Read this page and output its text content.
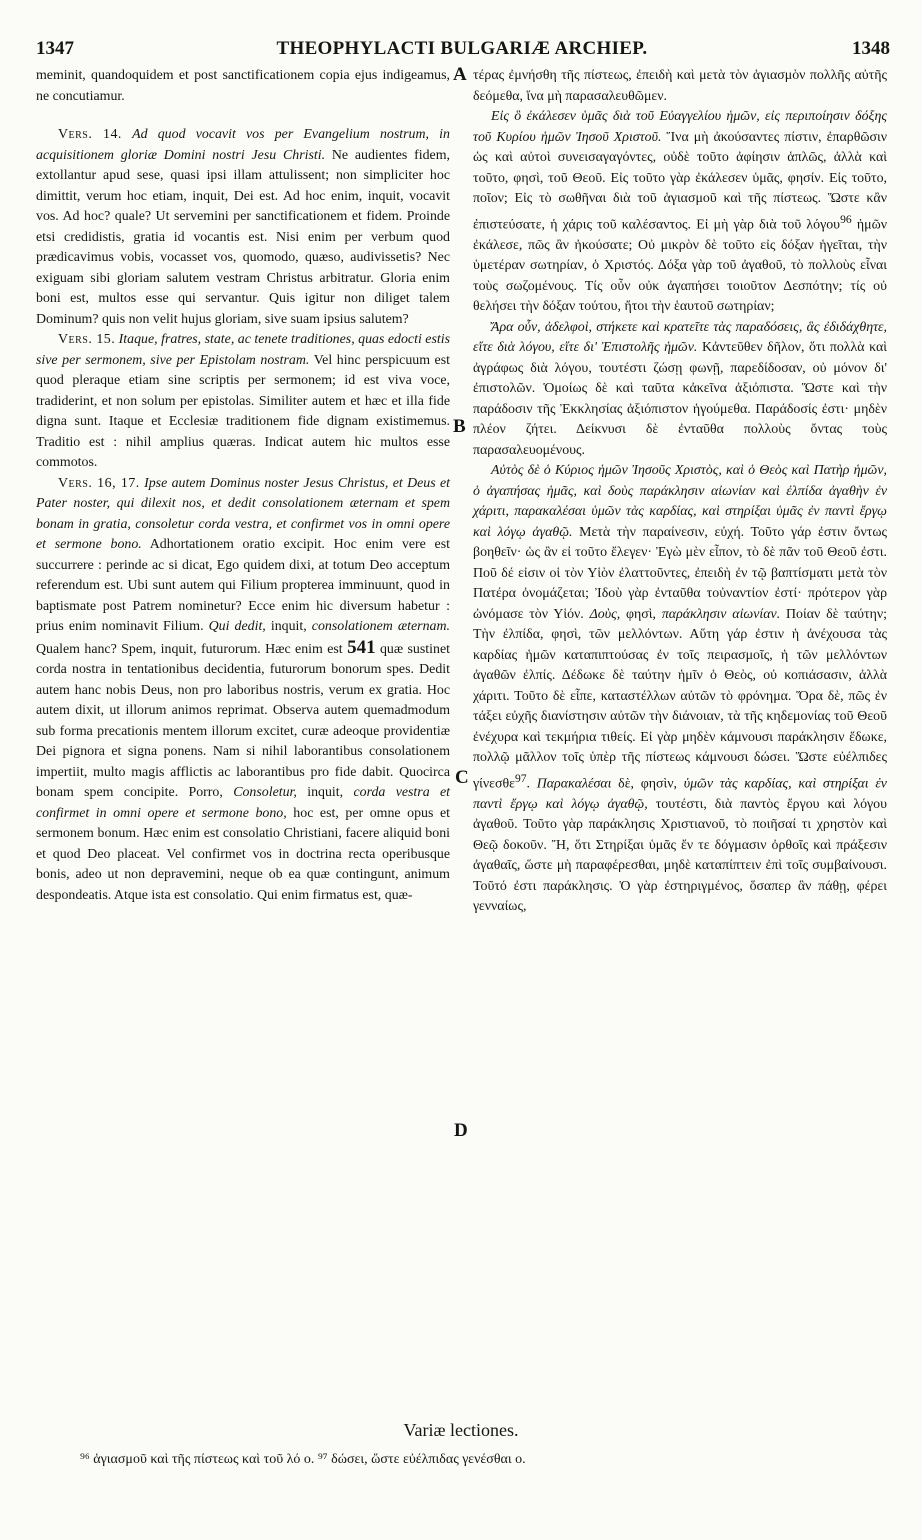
1347	THEOPHYLACTI BULGARIÆ ARCHIEP.	1348
A
B
C
D

meminit, quandoquidem et post sanctificationem copia ejus indigeamus, ne concutiamur.

Vers. 14. Ad quod vocavit vos per Evangelium nostrum, in acquisitionem gloriæ Domini nostri Jesu Christi. Ne audientes fidem, extollantur apud sese, quasi ipsi illam attulissent; non simpliciter hoc dimittit, verum hoc etiam, inquit, Dei est. Ad hoc enim, inquit, vocavit vos. Ad hoc? quale? Ut servemini per sanctificationem et fidem. Proinde etsi credidistis, gratia id vocantis est. Nisi enim per verbum quod prædicavimus vobis, vocasset vos, quomodo, quæso, audivissetis? Nec exiguam sibi gloriam salutem vestram Christus arbitratur. Gloria enim boni est, multos esse qui servantur. Quis igitur non diliget talem Dominum? quis non velit hujus gloriam, sive suam ipsius salutem?

Vers. 15. Itaque, fratres, state, ac tenete traditiones, quas edocti estis sive per sermonem, sive per Epistolam nostram. Vel hinc perspicuum est quod pleraque etiam sine scriptis per sermonem; id est viva voce, tradiderint, et non solum per epistolas. Similiter autem et hæc et illa fide digna sunt. Itaque et Ecclesiæ traditionem fide dignam existimemus. Traditio est : nihil amplius quæras. Indicat autem hic multos esse commotos.

Vers. 16, 17. Ipse autem Dominus noster Jesus Christus, et Deus et Pater noster, qui dilexit nos, et dedit consolationem æternam et spem bonam in gratia, consoletur corda vestra, et confirmet vos in omni opere et sermone bono. Adhortationem oratio excipit. Hoc enim vere est succurrere : perinde ac si dicat, Ego quidem dixi, at totum Deo acceptum referendum est. Ubi sunt autem qui Filium propterea imminuunt, quod in baptismate post Patrem nominetur? Ecce enim hic diversum habetur : prius enim nominavit Filium. Qui dedit, inquit, consolationem æternam. Qualem hanc? Spem, inquit, futurorum. Hæc enim est 541 quæ sustinet corda nostra in tentationibus decidentia, futurorum bonorum spes. Dedit autem hanc nobis Deus, non pro laboribus nostris, verum ex gratia. Hoc autem dixit, ut illorum animos reprimat. Observa autem quemadmodum sub forma precationis mentem illorum excitet, curæ adeoque providentiæ Dei pignora et signa ponens. Nam si nihil laborantibus consolationem impertiit, multo magis afflictis ac laborantibus pro fide dabit. Quocirca bonam spem concipite. Porro, Consoletur, inquit, corda vestra et confirmet in omni opere et sermone bono, hoc est, per omne opus et sermonem bonum. Hæc enim est consolatio Christiani, facere aliquid boni et quod Deo placeat. Vel confirmet vos in doctrina recta operibusque bonis, adeo ut non depravemini, neque ob ea quæ contingunt, animum despondeatis. Atque ista est consolatio. Qui enim firmatus est, quæ-

τέρας ἐμνήσθη τῆς πίστεως, ἐπειδὴ καὶ μετὰ τὸν ἁγιασμὸν πολλῆς αὐτῆς δεόμεθα, ἵνα μὴ παρασαλευθῶμεν.

Εἰς ὃ ἐκάλεσεν ὑμᾶς διὰ τοῦ Εὐαγγελίου ἡμῶν, εἰς περιποίησιν δόξης τοῦ Κυρίου ἡμῶν Ἰησοῦ Χριστοῦ. Ἵνα μὴ ἀκούσαντες πίστιν, ἐπαρθῶσιν ὡς καὶ αὐτοὶ συνεισαγαγόντες, οὐδὲ τοῦτο ἀφίησιν ἁπλῶς, ἀλλὰ καὶ τοῦτο, φησὶ, τοῦ Θεοῦ. Εἰς τοῦτο γὰρ ἐκάλεσεν ὑμᾶς, φησίν. Εἰς τοῦτο, ποῖον; Εἰς τὸ σωθῆναι διὰ τοῦ ἁγιασμοῦ καὶ τῆς πίστεως. Ὥστε κἂν ἐπιστεύσατε, ἡ χάρις τοῦ καλέσαντος. Εἰ μὴ γὰρ διὰ τοῦ λόγου$^{96}$ ἡμῶν ἐκάλεσε, πῶς ἂν ἠκούσατε; Οὐ μικρὸν δὲ τοῦτο εἰς δόξαν ἡγεῖται, τὴν ὑμετέραν σωτηρίαν, ὁ Χριστός. Δόξα γὰρ τοῦ ἀγαθοῦ, τὸ πολλοὺς εἶναι τοὺς σωζομένους. Τίς οὖν οὐκ ἀγαπήσει τοιοῦτον Δεσπότην; τίς οὐ θελήσει τὴν δόξαν τούτου, ἤτοι τὴν ἑαυτοῦ σωτηρίαν;

Ἄρα οὖν, ἀδελφοὶ, στήκετε καὶ κρατεῖτε τὰς παραδόσεις, ἃς ἐδιδάχθητε, εἴτε διὰ λόγου, εἴτε δι' Ἐπιστολῆς ἡμῶν. Κἀντεῦθεν δῆλον, ὅτι πολλὰ καὶ ἀγράφως διὰ λόγου, τουτέστι ζώσῃ φωνῇ, παρεδίδοσαν, οὐ μόνον δι' ἐπιστολῶν. Ὁμοίως δὲ καὶ ταῦτα κἀκεῖνα ἀξιόπιστα. Ὥστε καὶ τὴν παράδοσιν τῆς Ἐκκλησίας ἀξιόπιστον ἡγούμεθα. Παράδοσίς ἐστι· μηδὲν πλέον ζήτει. Δείκνυσι δὲ ἐνταῦθα πολλοὺς ὄντας τοὺς παρασαλευομένους.

Αὐτὸς δὲ ὁ Κύριος ἡμῶν Ἰησοῦς Χριστὸς, καὶ ὁ Θεὸς καὶ Πατὴρ ἡμῶν, ὁ ἀγαπήσας ἡμᾶς, καὶ δοὺς παράκλησιν αἰωνίαν καὶ ἐλπίδα ἀγαθὴν ἐν χάριτι, παρακαλέσαι ὑμῶν τὰς καρδίας, καὶ στηρίξαι ὑμᾶς ἐν παντὶ ἔργῳ καὶ λόγῳ ἀγαθῷ. Μετὰ τὴν παραίνεσιν, εὐχή. Τοῦτο γάρ ἐστιν ὄντως βοηθεῖν· ὡς ἂν εἰ τοῦτο ἔλεγεν· Ἐγὼ μὲν εἶπον, τὸ δὲ πᾶν τοῦ Θεοῦ ἐστι. Ποῦ δέ εἰσιν οἱ τὸν Υἱὸν ἐλαττοῦντες, ἐπειδὴ ἐν τῷ βαπτίσματι μετὰ τὸν Πατέρα ὀνομάζεται; Ἰδοὺ γὰρ ἐνταῦθα τοὐναντίον ἐστί· πρότερον γὰρ ὠνόμασε τὸν Υἱόν. Δοὺς, φησὶ, παράκλησιν αἰωνίαν. Ποίαν δὲ ταύτην; Τὴν ἐλπίδα, φησὶ, τῶν μελλόντων. Αὕτη γάρ ἐστιν ἡ ἀνέχουσα τὰς καρδίας ἡμῶν καταπιπτούσας ἐν τοῖς πειρασμοῖς, ἡ τῶν μελλόντων ἀγαθῶν ἐλπίς. Δέδωκε δὲ ταύτην ἡμῖν ὁ Θεὸς, οὐ κοπιάσασιν, ἀλλὰ χάριτι. Τοῦτο δὲ εἶπε, καταστέλλων αὐτῶν τὸ φρόνημα. Ὅρα δὲ, πῶς ἐν τάξει εὐχῆς διανίστησιν αὐτῶν τὴν διάνοιαν, τὰ τῆς κηδεμονίας τοῦ Θεοῦ ἐνέχυρα καὶ τεκμήρια τιθείς. Εἰ γὰρ μηδὲν κάμνουσι παράκλησιν ἔδωκε, πολλῷ μᾶλλον τοῖς ὑπὲρ τῆς πίστεως κάμνουσι δώσει. Ὥστε εὐέλπιδες γίνεσθε$^{97}$. Παρακαλέσαι δὲ, φησὶν, ὑμῶν τὰς καρδίας, καὶ στηρίξαι ἐν παντὶ ἔργῳ καὶ λόγῳ ἀγαθῷ, τουτέστι, διὰ παντὸς ἔργου καὶ λόγου ἀγαθοῦ. Τοῦτο γὰρ παράκλησις Χριστιανοῦ, τὸ ποιῆσαί τι χρηστὸν καὶ Θεῷ δοκοῦν. Ἤ, ὅτι Στηρίξαι ὑμᾶς ἔν τε δόγμασιν ὀρθοῖς καὶ πράξεσιν ἀγαθαῖς, ὥστε μὴ παραφέρεσθαι, μηδὲ καταπίπτειν ἐπὶ τοῖς συμβαίνουσι. Τοῦτό ἐστι παράκλησις. Ὁ γὰρ ἐστηριγμένος, ὅσαπερ ἂν πάθῃ, φέρει γενναίως,

Variæ lectiones.
⁹⁶ ἁγιασμοῦ καὶ τῆς πίστεως καὶ τοῦ λό ο. ⁹⁷ δώσει, ὥστε εὐέλπιδας γενέσθαι ο.
